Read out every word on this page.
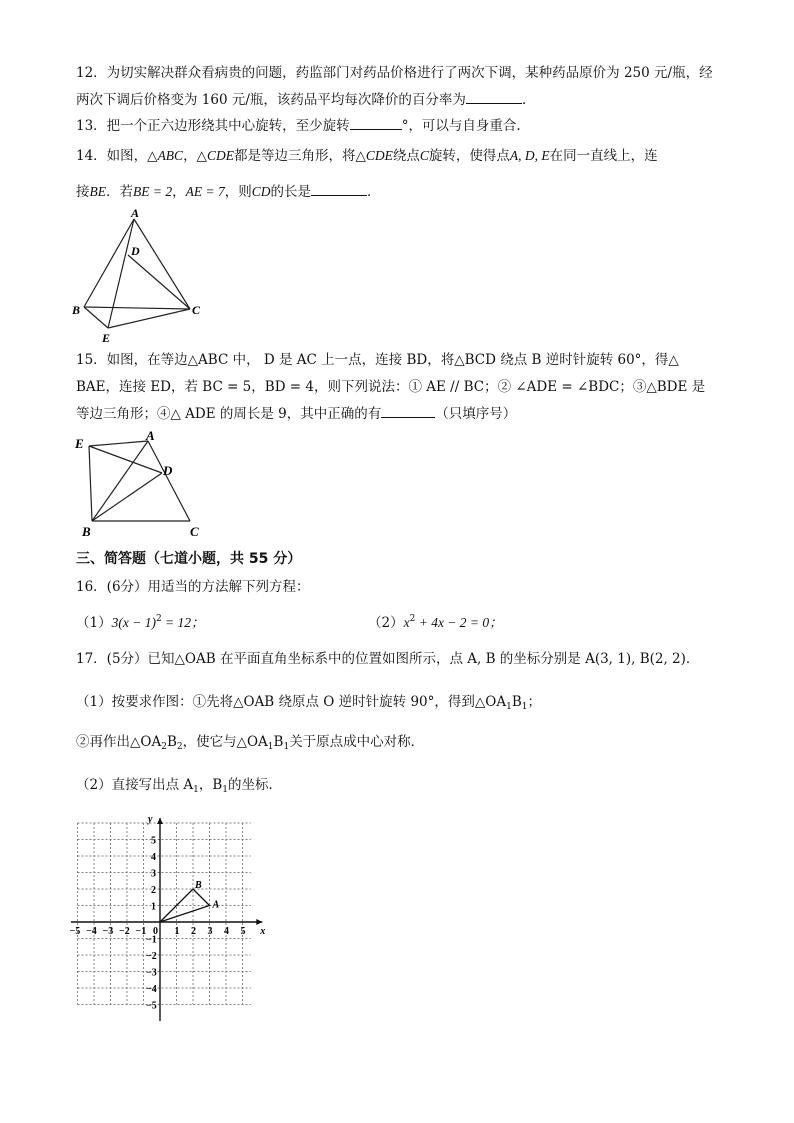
12．为切实解决群众看病贵的问题，药监部门对药品价格进行了两次下调，某种药品原价为 250 元/瓶，经
两次下调后价格变为 160 元/瓶，该药品平均每次降价的百分率为	.
13．把一个正六边形绕其中心旋转，至少旋转	°，可以与自身重合.
14．如图，△ABC，△CDE都是等边三角形，将△CDE绕点C旋转，使得点A, D, E在同一直线上，连
接BE．若BE = 2，AE = 7，则CD的长是	．
A
D
B	C
E
15．如图，在等边△ABC 中， D 是 AC 上一点，连接 BD，将△BCD 绕点 B 逆时针旋转 60°，得△
BAE，连接 ED，若 BC = 5，BD = 4，则下列说法：① AE // BC；② ∠ADE = ∠BDC；③△BDE 是
等边三角形；④△ ADE 的周长是 9，其中正确的有	（只填序号）
E
A
D
B	C
三、简答题（七道小题，共 55 分）
16．(6分）用适当的方法解下列方程：
$(1)3(x - 1)^2 = 12$；	$(2)x^2 + 4x - 2 = 0$；
17．(5分）已知△OAB 在平面直角坐标系中的位置如图所示，点 A, B 的坐标分别是 A(3, 1), B(2, 2)．
（1）按要求作图：①先将△OAB 绕原点 O 逆时针旋转 90°，得到$\triangle OA_1B_1$；
②再作出$\triangle OA_2B_2$，使它与$\triangle OA_1B_1$关于原点成中心对称．
（2）直接写出点 $A_1$，$B_1$的坐标．
x
y
−5 −4 −3 −2 −1 0 1 2 3 4 5
1
2
3
4
5
−1
−2
−3
−4
−5
B
A
